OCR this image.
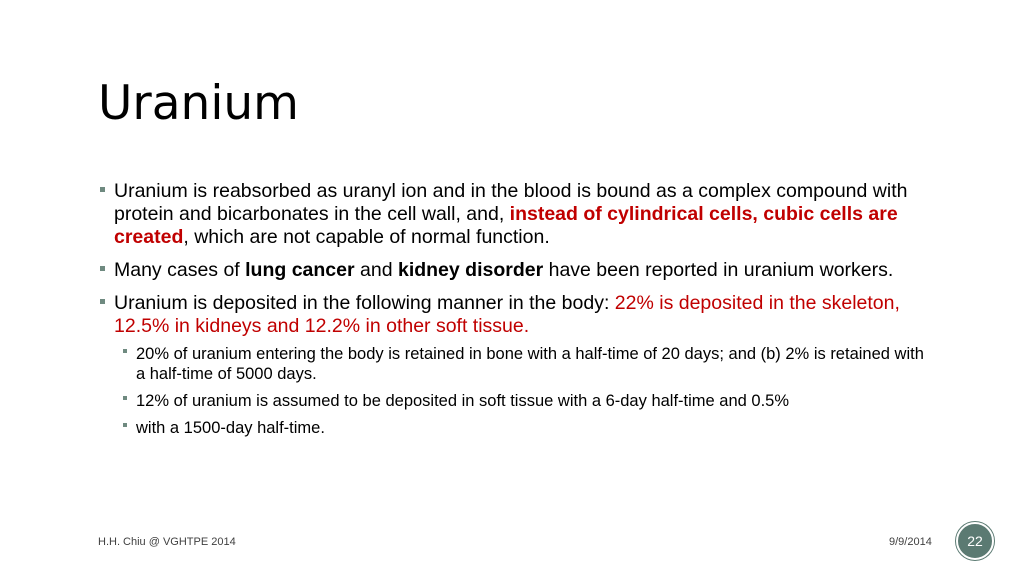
Uranium
Uranium is reabsorbed as uranyl ion and in the blood is bound as a complex compound with protein and bicarbonates in the cell wall, and, instead of cylindrical cells, cubic cells are created, which are not capable of normal function.
Many cases of lung cancer and kidney disorder have been reported in uranium workers.
Uranium is deposited in the following manner in the body: 22% is deposited in the skeleton, 12.5% in kidneys and 12.2% in other soft tissue.
20% of uranium entering the body is retained in bone with a half-time of 20 days; and (b) 2% is retained with a half-time of 5000 days.
12% of uranium is assumed to be deposited in soft tissue with a 6-day half-time and 0.5%
with a 1500-day half-time.
H.H. Chiu @ VGHTPE 2014	9/9/2014	22
